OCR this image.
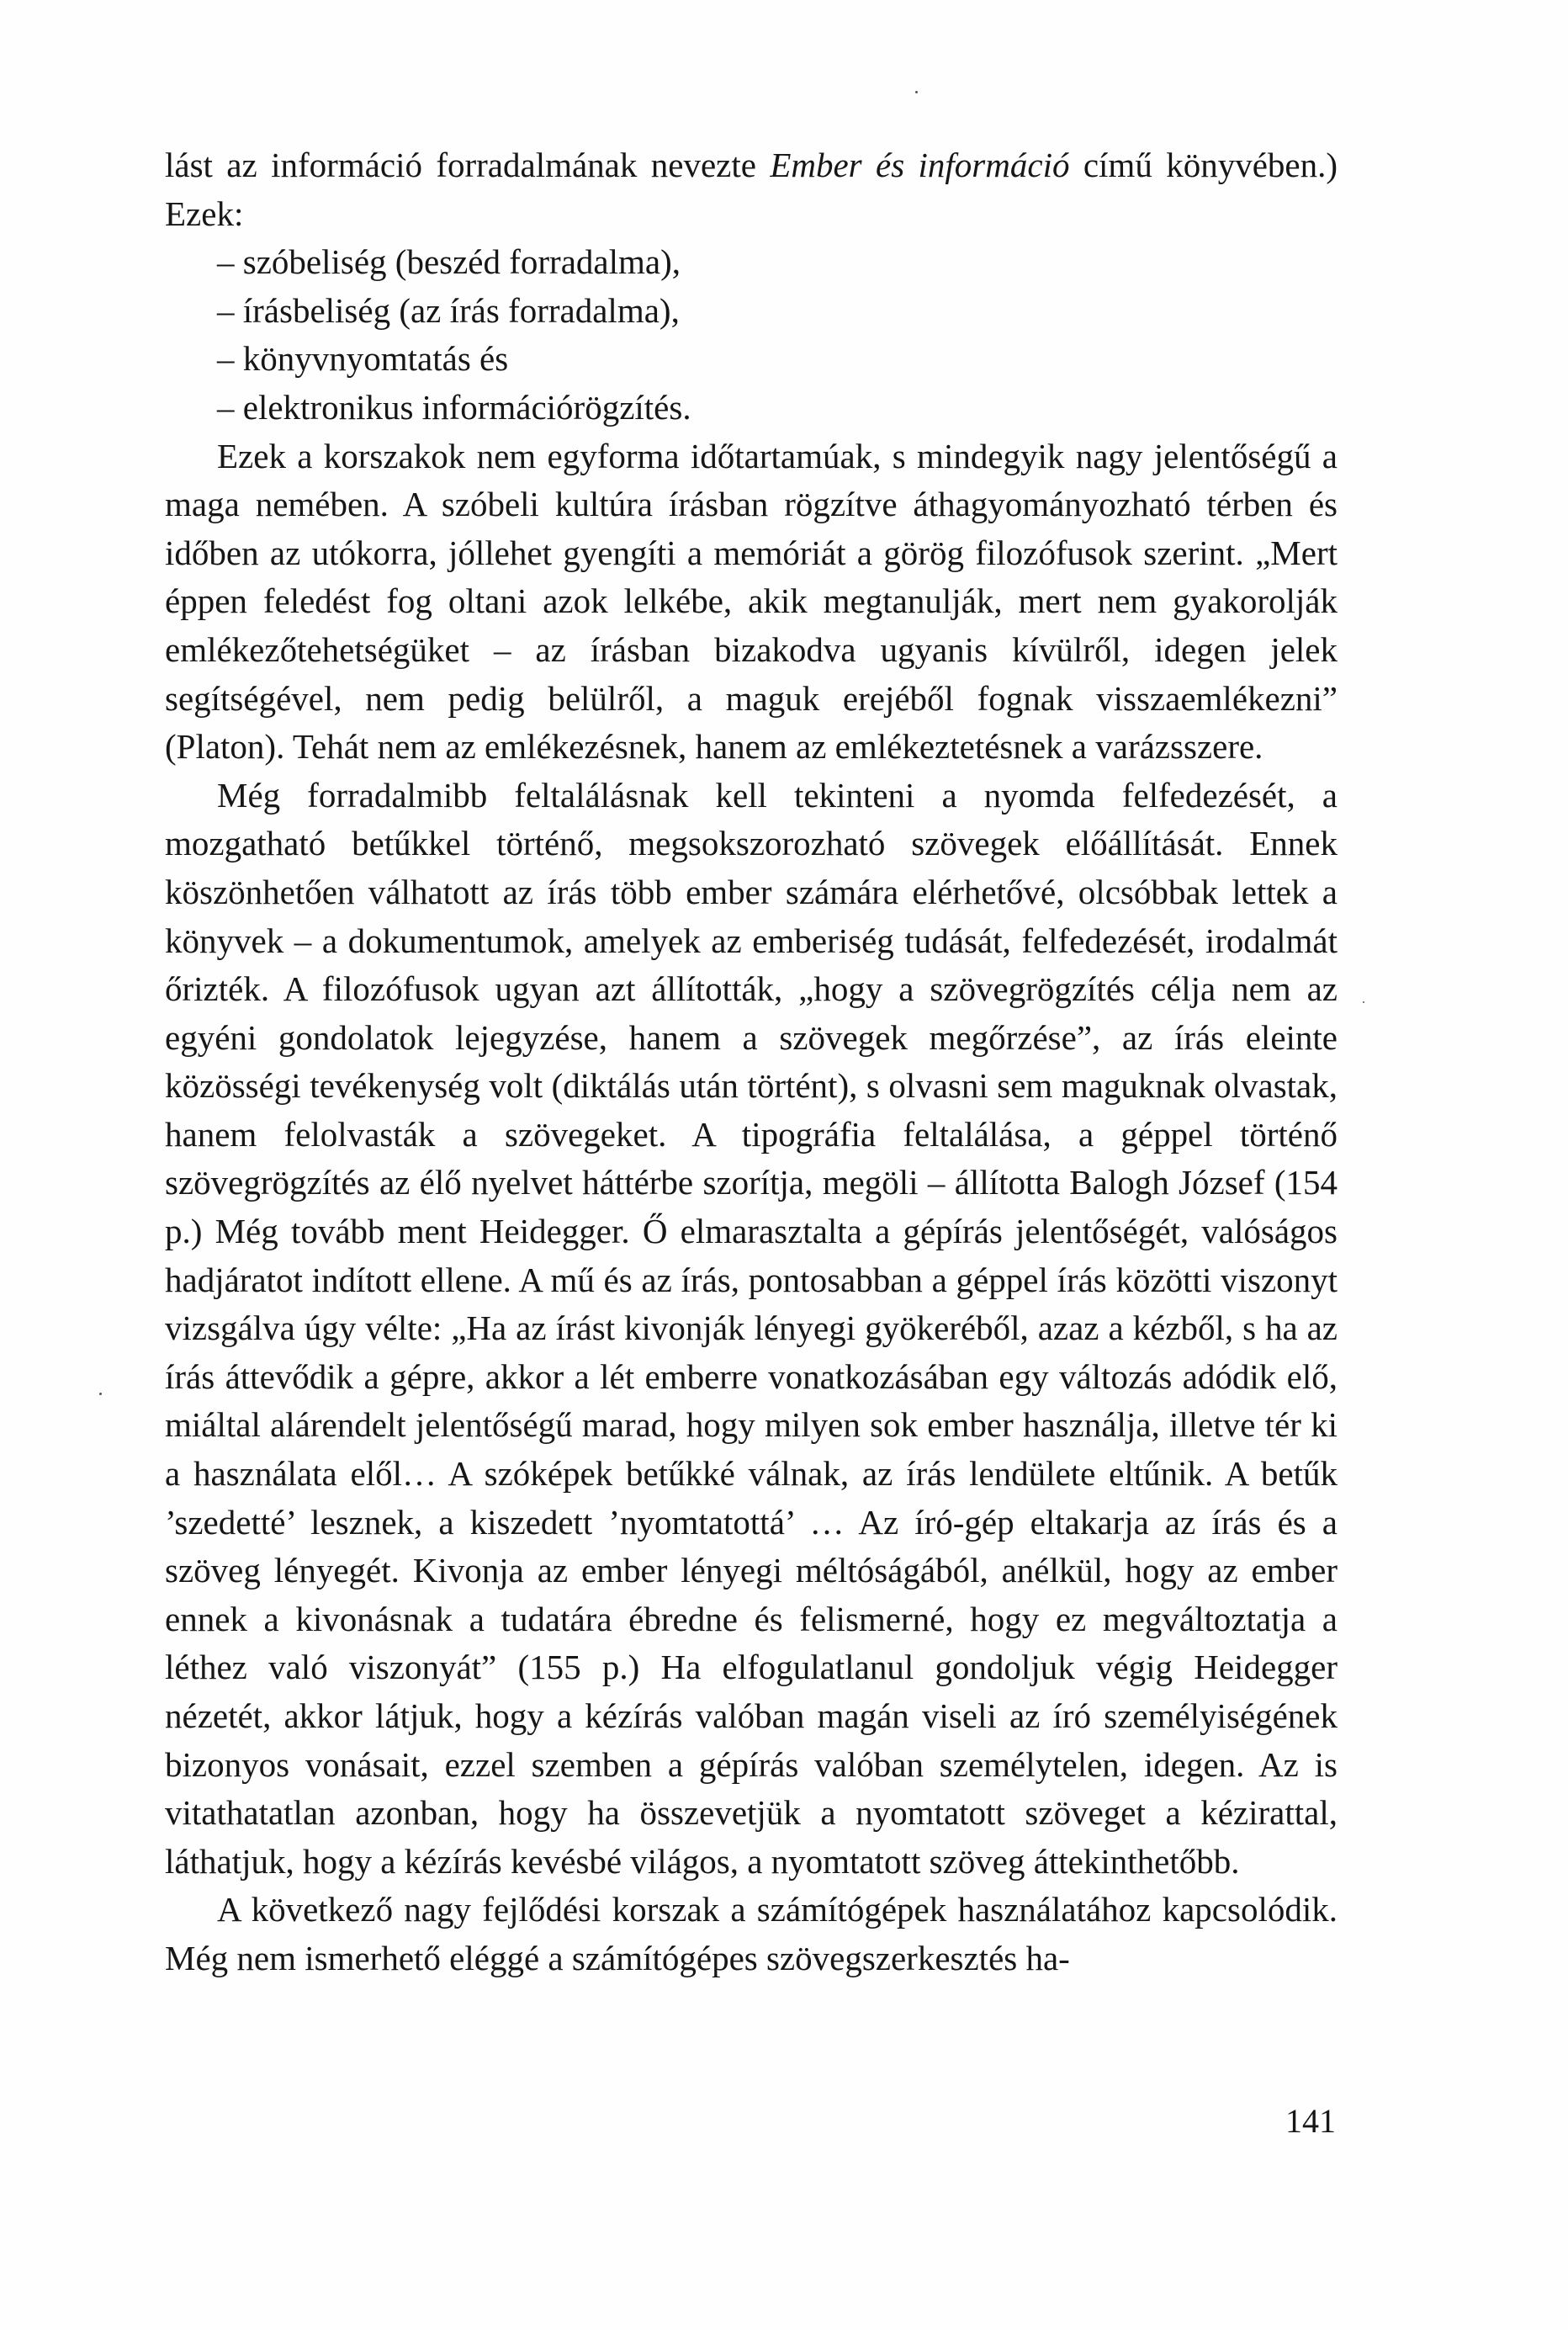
lást az információ forradalmának nevezte Ember és információ című könyvében.) Ezek:

– szóbeliség (beszéd forradalma),

– írásbeliség (az írás forradalma),

– könyvnyomtatás és

– elektronikus információrögzítés.

Ezek a korszakok nem egyforma időtartamúak, s mindegyik nagy jelentőségű a maga nemében. A szóbeli kultúra írásban rögzítve áthagyományozható térben és időben az utókorra, jóllehet gyengíti a memóriát a görög filozófusok szerint. „Mert éppen feledést fog oltani azok lelkébe, akik megtanulják, mert nem gyakorolják emlékezőtehetségüket – az írásban bizakodva ugyanis kívülről, idegen jelek segítségével, nem pedig belülről, a maguk erejéből fognak visszaemlékezni” (Platon). Tehát nem az emlékezésnek, hanem az emlékeztetésnek a varázsszere.

Még forradalmibb feltalálásnak kell tekinteni a nyomda felfedezését, a mozgatható betűkkel történő, megsokszorozható szövegek előállítását. Ennek köszönhetően válhatott az írás több ember számára elérhetővé, olcsóbbak lettek a könyvek – a dokumentumok, amelyek az emberiség tudását, felfedezését, irodalmát őrizték. A filozófusok ugyan azt állították, „hogy a szövegrögzítés célja nem az egyéni gondolatok lejegyzése, hanem a szövegek megőrzése”, az írás eleinte közösségi tevékenység volt (diktálás után történt), s olvasni sem maguknak olvastak, hanem felolvasták a szövegeket. A tipográfia feltalálása, a géppel történő szövegrögzítés az élő nyelvet háttérbe szorítja, megöli – állította Balogh József (154 p.) Még tovább ment Heidegger. Ő elmarasztalta a gépírás jelentőségét, valóságos hadjáratot indított ellene. A mű és az írás, pontosabban a géppel írás közötti viszonyt vizsgálva úgy vélte: „Ha az írást kivonják lényegi gyökeréből, azaz a kézből, s ha az írás áttevődik a gépre, akkor a lét emberre vonatkozásában egy változás adódik elő, miáltal alárendelt jelentőségű marad, hogy milyen sok ember használja, illetve tér ki a használata elől… A szóképek betűkké válnak, az írás lendülete eltűnik. A betűk ’szedetté’ lesznek, a kiszedett ’nyomtatottá’ … Az író-gép eltakarja az írás és a szöveg lényegét. Kivonja az ember lényegi méltóságából, anélkül, hogy az ember ennek a kivonásnak a tudatára ébredne és felismerné, hogy ez megváltoztatja a léthez való viszonyát” (155 p.) Ha elfogulatlanul gondoljuk végig Heidegger nézetét, akkor látjuk, hogy a kézírás valóban magán viseli az író személyiségének bizonyos vonásait, ezzel szemben a gépírás valóban személytelen, idegen. Az is vitathatatlan azonban, hogy ha összevetjük a nyomtatott szöveget a kézirattal, láthatjuk, hogy a kézírás kevésbé világos, a nyomtatott szöveg áttekinthetőbb.

A következő nagy fejlődési korszak a számítógépek használatához kapcsolódik. Még nem ismerhető eléggé a számítógépes szövegszerkesztés ha-

141
